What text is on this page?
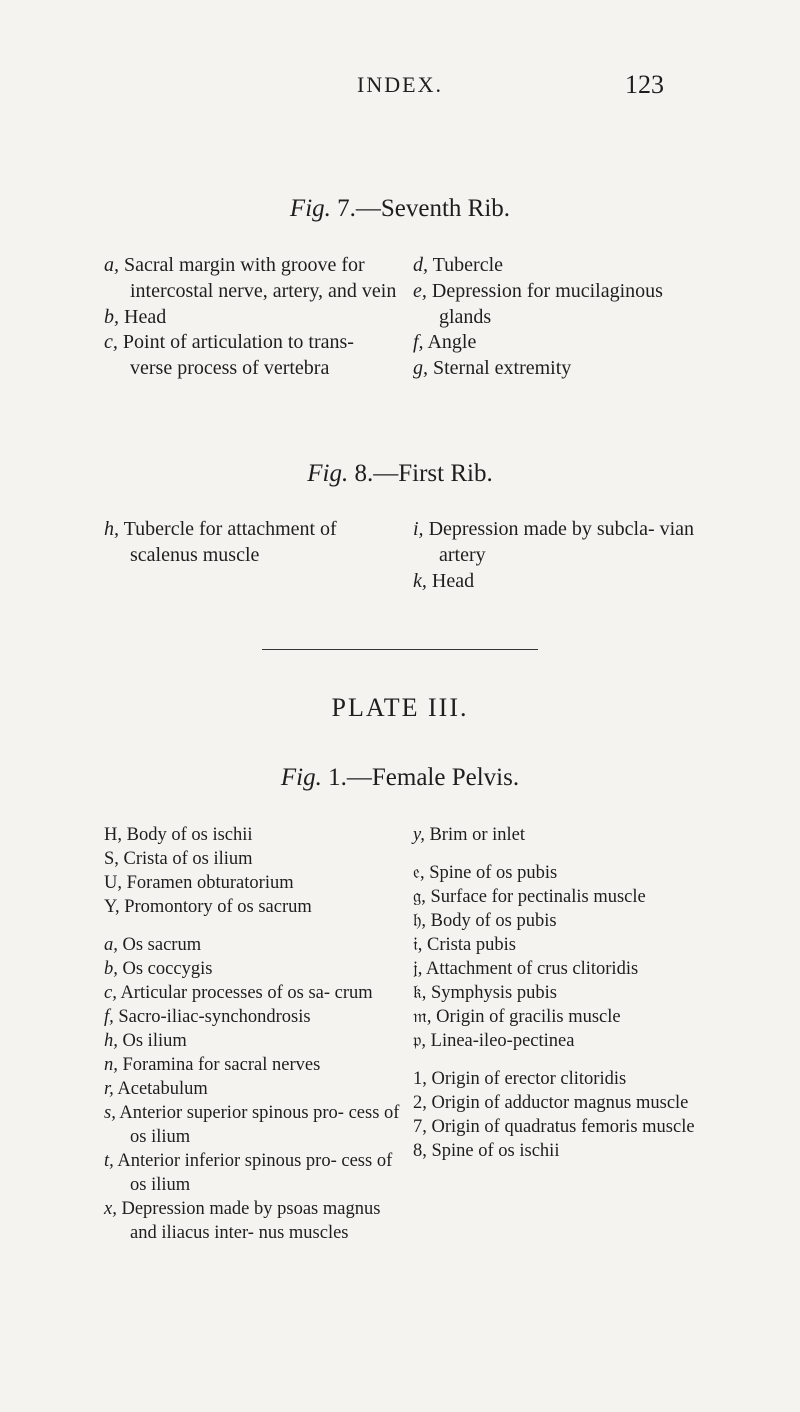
INDEX.	123
Fig. 7.—Seventh Rib.
a, Sacral margin with groove for intercostal nerve, artery, and vein
b, Head
c, Point of articulation to trans- verse process of vertebra
d, Tubercle
e, Depression for mucilaginous glands
f, Angle
g, Sternal extremity
Fig. 8.—First Rib.
h, Tubercle for attachment of scalenus muscle
i, Depression made by subcla- vian artery
k, Head
PLATE III.
Fig. 1.—Female Pelvis.
H, Body of os ischii
S, Crista of os ilium
U, Foramen obturatorium
Y, Promontory of os sacrum
a, Os sacrum
b, Os coccygis
c, Articular processes of os sa- crum
f, Sacro-iliac-synchondrosis
h, Os ilium
n, Foramina for sacral nerves
r, Acetabulum
s, Anterior superior spinous pro- cess of os ilium
t, Anterior inferior spinous pro- cess of os ilium
x, Depression made by psoas magnus and iliacus inter- nus muscles
y, Brim or inlet
𝔢, Spine of os pubis
𝔤, Surface for pectinalis muscle
𝔥, Body of os pubis
𝔦, Crista pubis
𝔧, Attachment of crus clitoridis
𝔨, Symphysis pubis
𝔪, Origin of gracilis muscle
𝔭, Linea-ileo-pectinea
1, Origin of erector clitoridis
2, Origin of adductor magnus muscle
7, Origin of quadratus femoris muscle
8, Spine of os ischii
